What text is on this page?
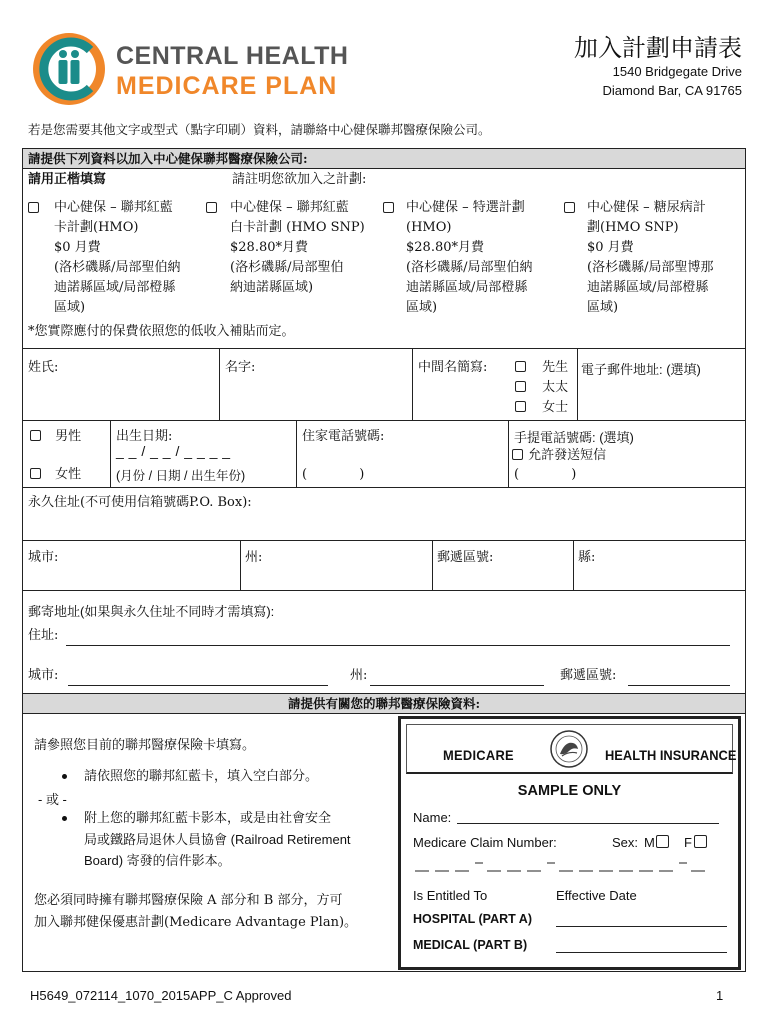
CENTRAL HEALTH
MEDICARE PLAN
加入計劃申請表
1540 Bridgegate Drive
Diamond Bar, CA 91765
若是您需要其他文字或型式（點字印刷）資料，請聯絡中心健保聯邦醫療保險公司。
請提供下列資料以加入中心健保聯邦醫療保險公司:
請用正楷填寫	請註明您欲加入之計劃:
中心健保 – 聯邦紅藍
卡計劃(HMO)
$0 月費
(洛杉磯縣/局部聖伯納
迪諾縣區域/局部橙縣
區域)
中心健保 – 聯邦紅藍
白卡計劃 (HMO SNP)
$28.80*月費
(洛杉磯縣/局部聖伯
納迪諾縣區域)
中心健保 – 特選計劃
(HMO)
$28.80*月費
(洛杉磯縣/局部聖伯納
迪諾縣區域/局部橙縣
區域)
中心健保 – 糖尿病計
劃(HMO SNP)
$0 月費
(洛杉磯縣/局部聖博那
迪諾縣區域/局部橙縣
區域)
*您實際應付的保費依照您的低收入補貼而定。
姓氏:	名字:	中間名簡寫:	先生
太太
女士
電子郵件地址: (選填)
男性
女性
出生日期:
_ _ / _ _ / _ _ _ _
(月份 / 日期 / 出生年份)
住家電話號碼:
(	)
手提電話號碼: (選填)
允許發送短信
(	)
永久住址(不可使用信箱號碼P.O. Box):
城市:	州:	郵遞區號:	縣:
郵寄地址(如果與永久住址不同時才需填寫):
住址:
城市:	州:	郵遞區號:
請提供有關您的聯邦醫療保險資料:
請參照您目前的聯邦醫療保險卡填寫。
請依照您的聯邦紅藍卡，填入空白部分。
- 或 -
附上您的聯邦紅藍卡影本，或是由社會安全
局或鐵路局退休人員協會 (Railroad Retirement
Board) 寄發的信件影本。
您必須同時擁有聯邦醫療保險 A 部分和 B 部分，方可
加入聯邦健保優惠計劃(Medicare Advantage Plan)。
MEDICARE	HEALTH INSURANCE
SAMPLE ONLY
Name:
Medicare Claim Number:	Sex: M	F
Is Entitled To	Effective Date
HOSPITAL (PART A)
MEDICAL (PART B)
H5649_072114_1070_2015APP_C Approved	1
